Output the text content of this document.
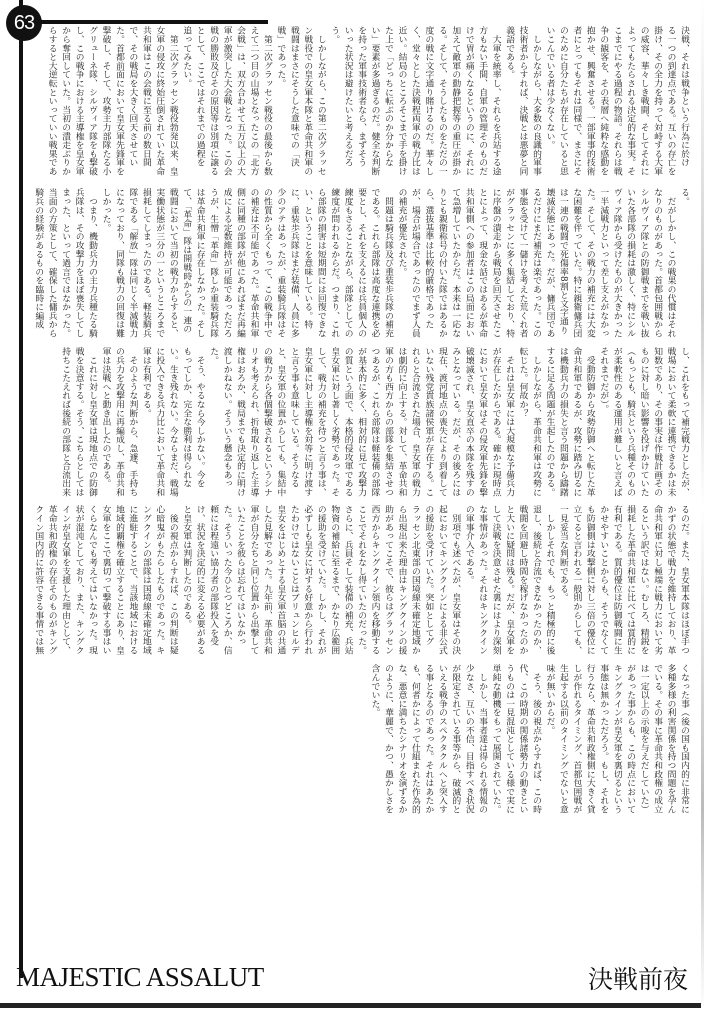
63
決戦、それは戦争という行為に於け
る一つの到達点である。互いの存亡を
掛け、その全力を持って対峙する大軍
の威容、華々しき戦闘、そしてそれに
よってもたらされる決定的な事実。そ
こまでにやる過程の物語。それらは戦
争の観客を、その表層へ純粋な感動を
抱かせ、興奮させる。一部軍事的技術
者にとってもそれは同様で、まさにそ
のために自分たちが存在していると思
いこんでいる者は少なくない。
　しかしながら、大多数の良識的軍事
技術者からすれば、決戦とは悪夢と同
義語である。
　大軍を統率し、それらを兵站する途
方もない手間、自軍の管理そのものだ
けで胃が痛くなるというのに、それに
加えて敵軍の動静把握等の重圧が掛か
る。そして、そうしたものをただの一
度の戦に文字通り賭けるのだ。華々し
く、堂々とした決戦程両軍の戦力比は
近い。結局のところそこまで手を掛け
た上で「どっちに転ぶのか分からな
い」要素が多過ぎるのだ。健全な判断
を持った軍事技術者なら、まずそう
いった状況は避けたいと考えるだろ
う。
　しかしながら、この第二次グラッセ
ン戦役での皇女軍本隊と革命共和軍の
戦闘はまさにそうした意味での「決
戦」であった。
　第二次グラッセン戦役の最後から数
えて二つ目の山場となったこの「北方
会戦」は、双方合わせて五万以上の大
軍が激突した大会戦となった。この会
戦の勝敗及びその原因等は別項に譲る
として、ここではそれまでの過程を
追ってみたい。
　第二次グラッセン戦役勃発以来、皇
女軍の侵攻に終始圧倒されていた革命
共和軍はこの会戦に至る前の数日間
で、その戦局を大きく回天させてい
た。首都前面において皇女軍先鋒軍を
撃破し、そして、攻勢主力部隊たる小
グリューネ隊、シルヴィア隊をも撃破
し、この戦争における主導権を皇女軍
から奪回していた。当初の潰走ぶりか
らすると大逆転といっていい戦果であ
る。
　だがしかし、この戦果の代償はそれ
なりのものがあった。首都包囲戦から
シルヴィア隊との防御戦までを戦い抜
いた各部隊の損耗は激しく、特にシル
ヴィア隊から受けたものが大きかった
一半減戦力といって差し支えがなかっ
た。そして、その戦力の補充には大変
な困難を伴っていた。特に親衛傭兵団
は一連の戦闘で死傷率8割と文字通り
壊滅状態にあった。だが、傭兵団であ
るだけにまだ補充は楽であった。この
事態を受けて一儲けを考えた荒くれ者
がグラッセンに多く集結しており、特
に序盤の潰走から戦局を回天させたこ
とによって、現金な話ではあるが革命
共和軍側への参加者はこの局面におい
て急増していたからだ。本来は一応な
りとも親衛称号の付いた隊ではあるか
ら、選抜基準は比較的厳格であった
が、場合が場合であったのでまず人員
の補充が優先された。
　問題は騎兵隊及び重装歩兵隊の補充
である。これら部隊は高度な連携を必
要とし、それを支えるには兵員個人の
練度もさることながら、部隊としての
練度が問われるからだ。つまり、これ
ら部隊の損害は短期間には回復できな
い、ということを意味している。特
に、重装歩兵隊はまだ装備、人員に多
少のアテはあったが、重装騎兵隊はそ
の性質から全くもって、この戦争中で
の補充は不可能であった。革命共和軍
側に同種の部隊が他にあればまだ再編
成による定数維持が可能であっただろ
うが、生憎「革命」隊しか重装騎兵隊
は革命共和軍に存在しなかった。そし
て、「革命」隊は開戦時からの一連の
戦闘において当初の戦力からすると、
実働状態が三分の一というところまで
損耗してしまったのである。軽装騎兵
隊である「解放」隊は同じく半減戦力
になっており、同隊も戦力の回復は難
しかった。
　つまり、機動兵力の主力兵種たる騎
兵隊は、その攻撃力をほぼ喪失してし
まった、といって過言ではなかった。
当面の方策として、確保した傭兵から
騎兵の経験があるものを臨時に編成
し、これをもって補完戦力としたが、
戦場において柔軟に連携できるかは未
知数であり、その事実は作戦計画その
ものに対し暗い影響を投げかけていた
（もっとも、騎兵という兵種そのもの
が柔軟性のある運用が難しいと言えば
それまでだが）。
　受動防御から攻勢防御へと転じた革
命共和軍であるが、攻勢に踏み切るに
は機動兵力の損失と言う問題から躊躇
するに足る問題が生起したのである。
　しかしながら、革命共和軍は攻勢に
転じた。何故か？
　それは皇女軍には大規模な予備兵力
が存在したからである。確かに現時点
において皇女軍はその侵攻軍先鋒を撃
破壊滅され、皇女直卒の本隊を残すの
みとなっている。だが、その後ろには
現在、渡河地点の喪失により到着して
いない残党貴族諸侯軍が存在する。こ
れらと合流された場合、皇女軍の戦力
は劇的に向上する。対して、革命共和
軍の方も西方からの部隊を集結させつ
つあるが、これら部隊は軽装備の部隊
が基本的に多く、相対的に見て攻撃力
の質という面で、本格的侵攻軍である
皇女軍に対し著しく劣勢であった。そ
して、戦力の補充を待つと言う事は、
皇女軍に対し主導権を対等に明け渡す
と言う事も意味している。そうなる
と、皇女軍の位置からしても、集結中
の戦力から各個撃破されるというシナ
リオも考えられ、折角取り返した主導
権はおろか、戦局までも決定的に明け
渡しかねない。そういう懸念もあっ
た。
　そう、やるなら今しかない。今を
もってしか、完全な勝利は得られな
い。生き残れない。今ならまだ、戦場
に投入できる兵力比において革命共和
軍は有利である。
　そのような判断から、急遽、手持ち
の兵力を攻撃用に再編成し、革命共和
軍は決戦へと動き出したのである。
　これに対し皇女軍は現地点での防御
戦を決意する。そう、こちらとしては
持ちこたえれば後続の部隊と合流出来
るのだ。また、皇女軍本隊はほぼ手つ
かずの状態で戦力を維持しており、革
命共和軍に対し極端に戦力において劣
るという訳ではない。むしろ、精鋭を
損耗した革命共和軍に比べては質的に
有利である。質的優位は防御戦闘に生
かせやすいことからも、そうでなくて
も防御側は攻撃側に対し三倍の優位に
立てると言われる一般則からしても、
一見妥当な判断である。
　しかしそれでも、もっと積極的に後
退し、後続と合流できなかったのか、
戦闘を回避し時間を稼げなかったのか
と大いに疑問は残る。だが、皇女軍を
して決戦を決意させた裏にはより深刻
な事情があった。それはキングクイン
の軍事介入である。
　別項でも述べたが、皇女軍はその決
起においてキングクインによる非公式
の援助を受けていた。突如としてグ
ラッセン北東部の国境線未確定地域か
ら出現出来た理由はキングクインの援
助があってこそで、彼らはグラッセン
西方からキングクイン領内を移動する
ことでそれをなし得ていたのだった。
さらに、兵員そして装備の補充、兵站
物資の補給に至るまで、かなり広範囲
の援助を受けていた。しかし、それが
必ずしも皇女に対する好意から行われ
たわけではないことはブリュンヒルデ
皇女をはじめとする皇女軍首脳の共通
した見解であった。九年前、革命共和
軍が自分たちと同じ位置から出撃して
いたことを彼らは忘れてはいなかっ
た。そういった今ひとつどころか、信
頼には程遠い協力者の部隊投入を受
け、状況を決定的に変える必要がある
と皇女軍は判断したのである。
　後の視点からすれば、この判断は疑
心暗鬼がもたらしたものであった。キ
ングクインの部隊は国境線未確定地域
に進駐することで、当該地域における
地域的覇権を確立することにあり、皇
女軍をここで裏切って撃破する事はい
くらなんでも考えてはいなかった。現
状が混沌としており、また、キングク
インが皇女軍を支援した理由として、
革命共和政権の存在そのものがキング
クイン国内的に許容できる事情では無
くなった事（後の国も国内的に非常に
多種多様の利害関係を持つ問題を孕ん
でいる。その事に革命共和政権の成立
は一定以上の示唆を与えだしていた）
があった事からも、この時点において
キングクインが皇女軍を裏切るという
事態は無かっただろう。もし、それを
行うなら、革命共和政権側に大きく貸
しが作れるタイミング、首都包囲戦が
生起する以前のタイミングでないと意
味が無いからだ。
　そう、後の視点からすれば、この時
代、この時期の関係諸勢力の動きとい
うものは一見混沌としている様で実に
単純な動機をもって展開されていた。
　しかし、当事者達は得られる情報の
少なさ、互いの不信、目指すべき状況
が限定されている事等から、破滅的と
いえる戦争のスペクタクルへと突入す
る事となるのであった。それはあたか
も、何者かによって仕組まれた作為的
な、悪意に満ちたシナリオを演ずるか
のように、華麗で、かつ、愚かしさを
含んでいた。
MAJESTIC ASSALUT	決戦前夜
